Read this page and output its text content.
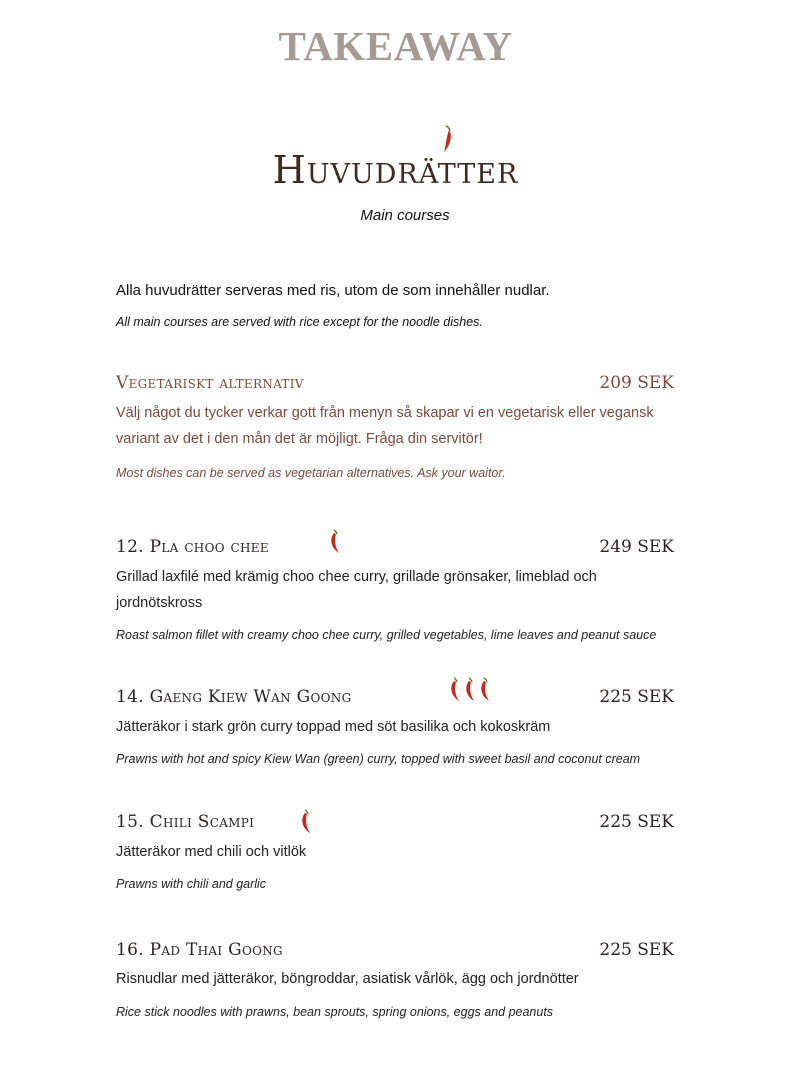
TAKEAWAY
Huvudrätter
Main courses
Alla huvudrätter serveras med ris, utom de som innehåller nudlar.
All main courses are served with rice except for the noodle dishes.
Vegetariskt alternativ	209 SEK
Välj något du tycker verkar gott från menyn så skapar vi en vegetarisk eller vegansk variant av det i den mån det är möjligt. Fråga din servitör!
Most dishes can be served as vegetarian alternatives. Ask your waitor.
12. Pla choo chee	249 SEK
Grillad laxfilé med krämig choo chee curry, grillade grönsaker, limeblad och jordnötskross
Roast salmon fillet with creamy choo chee curry, grilled vegetables, lime leaves and peanut sauce
14. Gaeng Kiew Wan Goong	225 SEK
Jätteräkor i stark grön curry toppad med söt basilika och kokoskräm
Prawns with hot and spicy Kiew Wan (green) curry, topped with sweet basil and coconut cream
15. Chili Scampi	225 SEK
Jätteräkor med chili och vitlök
Prawns with chili and garlic
16. Pad Thai Goong	225 SEK
Risnudlar med jätteräkor, böngroddar, asiatisk vårlök, ägg och jordnötter
Rice stick noodles with prawns, bean sprouts, spring onions, eggs and peanuts
